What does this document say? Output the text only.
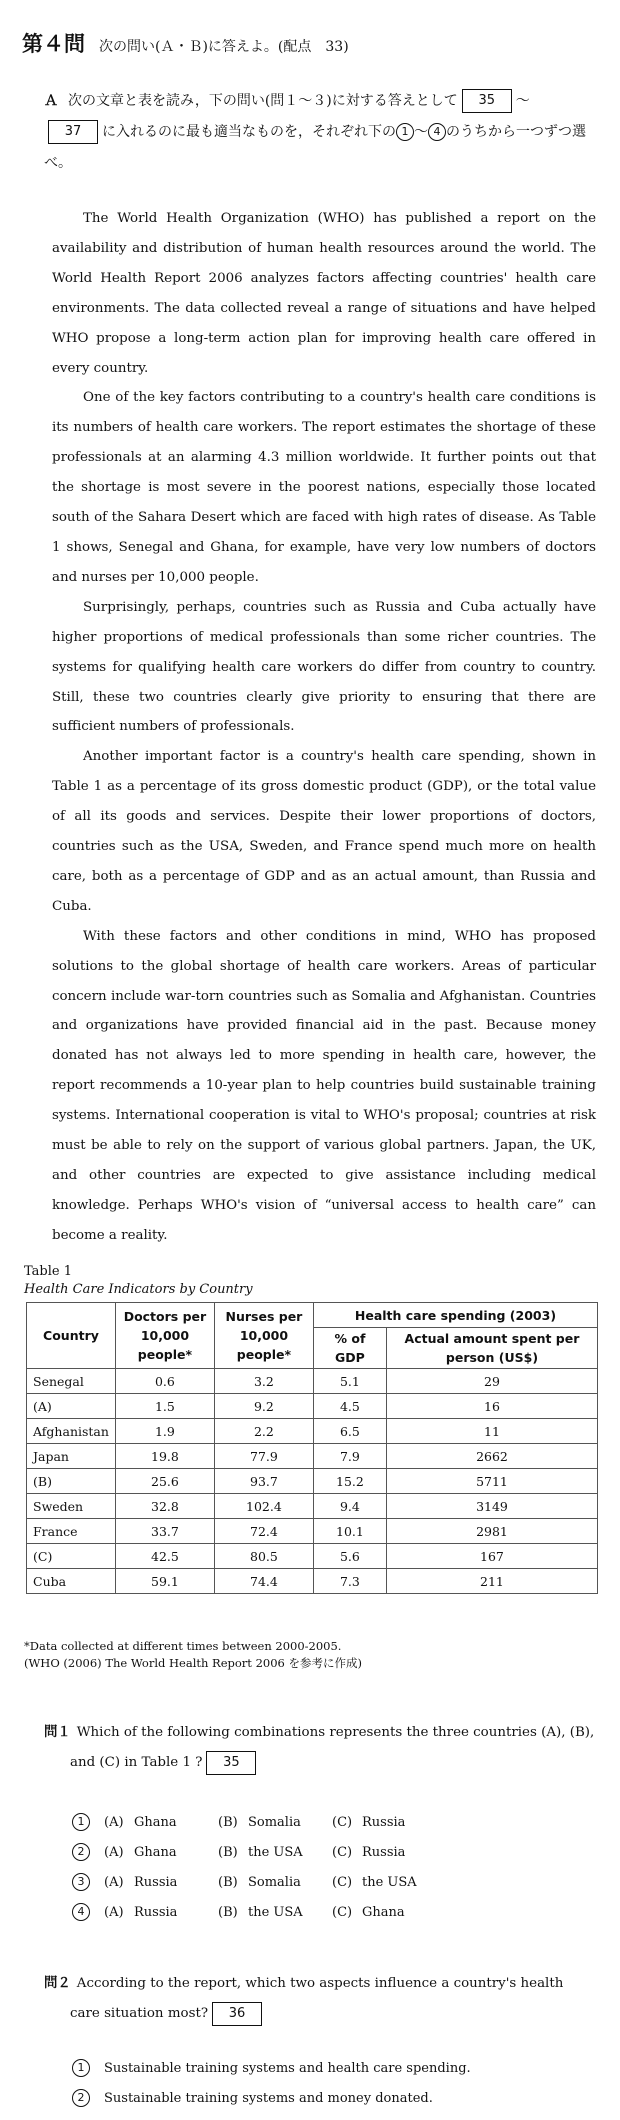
第４問 次の問い(Ａ・Ｂ)に答えよ。(配点　33)
Ａ 次の文章と表を読み，下の問い(問１～３)に対する答えとして 35 ～
37 に入れるのに最も適当なものを，それぞれ下の 1 ～ 4 のうちから一つずつ選べ。

The World Health Organization (WHO) has published a report on the availability and distribution of human health resources around the world. The World Health Report 2006 analyzes factors affecting countries' health care environments. The data collected reveal a range of situations and have helped WHO propose a long-term action plan for improving health care offered in every country.

One of the key factors contributing to a country's health care conditions is its numbers of health care workers. The report estimates the shortage of these professionals at an alarming 4.3 million worldwide. It further points out that the shortage is most severe in the poorest nations, especially those located south of the Sahara Desert which are faced with high rates of disease. As Table 1 shows, Senegal and Ghana, for example, have very low numbers of doctors and nurses per 10,000 people.

Surprisingly, perhaps, countries such as Russia and Cuba actually have higher proportions of medical professionals than some richer countries. The systems for qualifying health care workers do differ from country to country. Still, these two countries clearly give priority to ensuring that there are sufficient numbers of professionals.

Another important factor is a country's health care spending, shown in Table 1 as a percentage of its gross domestic product (GDP), or the total value of all its goods and services. Despite their lower proportions of doctors, countries such as the USA, Sweden, and France spend much more on health care, both as a percentage of GDP and as an actual amount, than Russia and Cuba.

With these factors and other conditions in mind, WHO has proposed solutions to the global shortage of health care workers. Areas of particular concern include war-torn countries such as Somalia and Afghanistan. Countries and organizations have provided financial aid in the past. Because money donated has not always led to more spending in health care, however, the report recommends a 10-year plan to help countries build sustainable training systems. International cooperation is vital to WHO's proposal; countries at risk must be able to rely on the support of various global partners. Japan, the UK, and other countries are expected to give assistance including medical knowledge. Perhaps WHO's vision of “universal access to health care” can become a reality.

Table 1
Health Care Indicators by Country
Country	Doctors per 10,000 people*	Nurses per 10,000 people*	Health care spending (2003)	
			% of GDP	Actual amount spent per person (US$)
Senegal	0.6	3.2	5.1	29
(A)	1.5	9.2	4.5	16
Afghanistan	1.9	2.2	6.5	11
Japan	19.8	77.9	7.9	2662
(B)	25.6	93.7	15.2	5711
Sweden	32.8	102.4	9.4	3149
France	33.7	72.4	10.1	2981
(C)	42.5	80.5	5.6	167
Cuba	59.1	74.4	7.3	211
*Data collected at different times between 2000-2005.
(WHO (2006) The World Health Report 2006 を参考に作成)
問１ Which of the following combinations represents the three countries (A), (B),
and (C) in Table 1 ? 35
1	(A) Ghana	(B) Somalia (C) Russia
2	(A) Ghana	(B) the USA (C) Russia
3	(A) Russia	(B) Somalia (C) the USA
4	(A) Russia	(B) the USA (C) Ghana
問２ According to the report, which two aspects influence a country's health
care situation most? 36
1	Sustainable training systems and health care spending.
2	Sustainable training systems and money donated.
